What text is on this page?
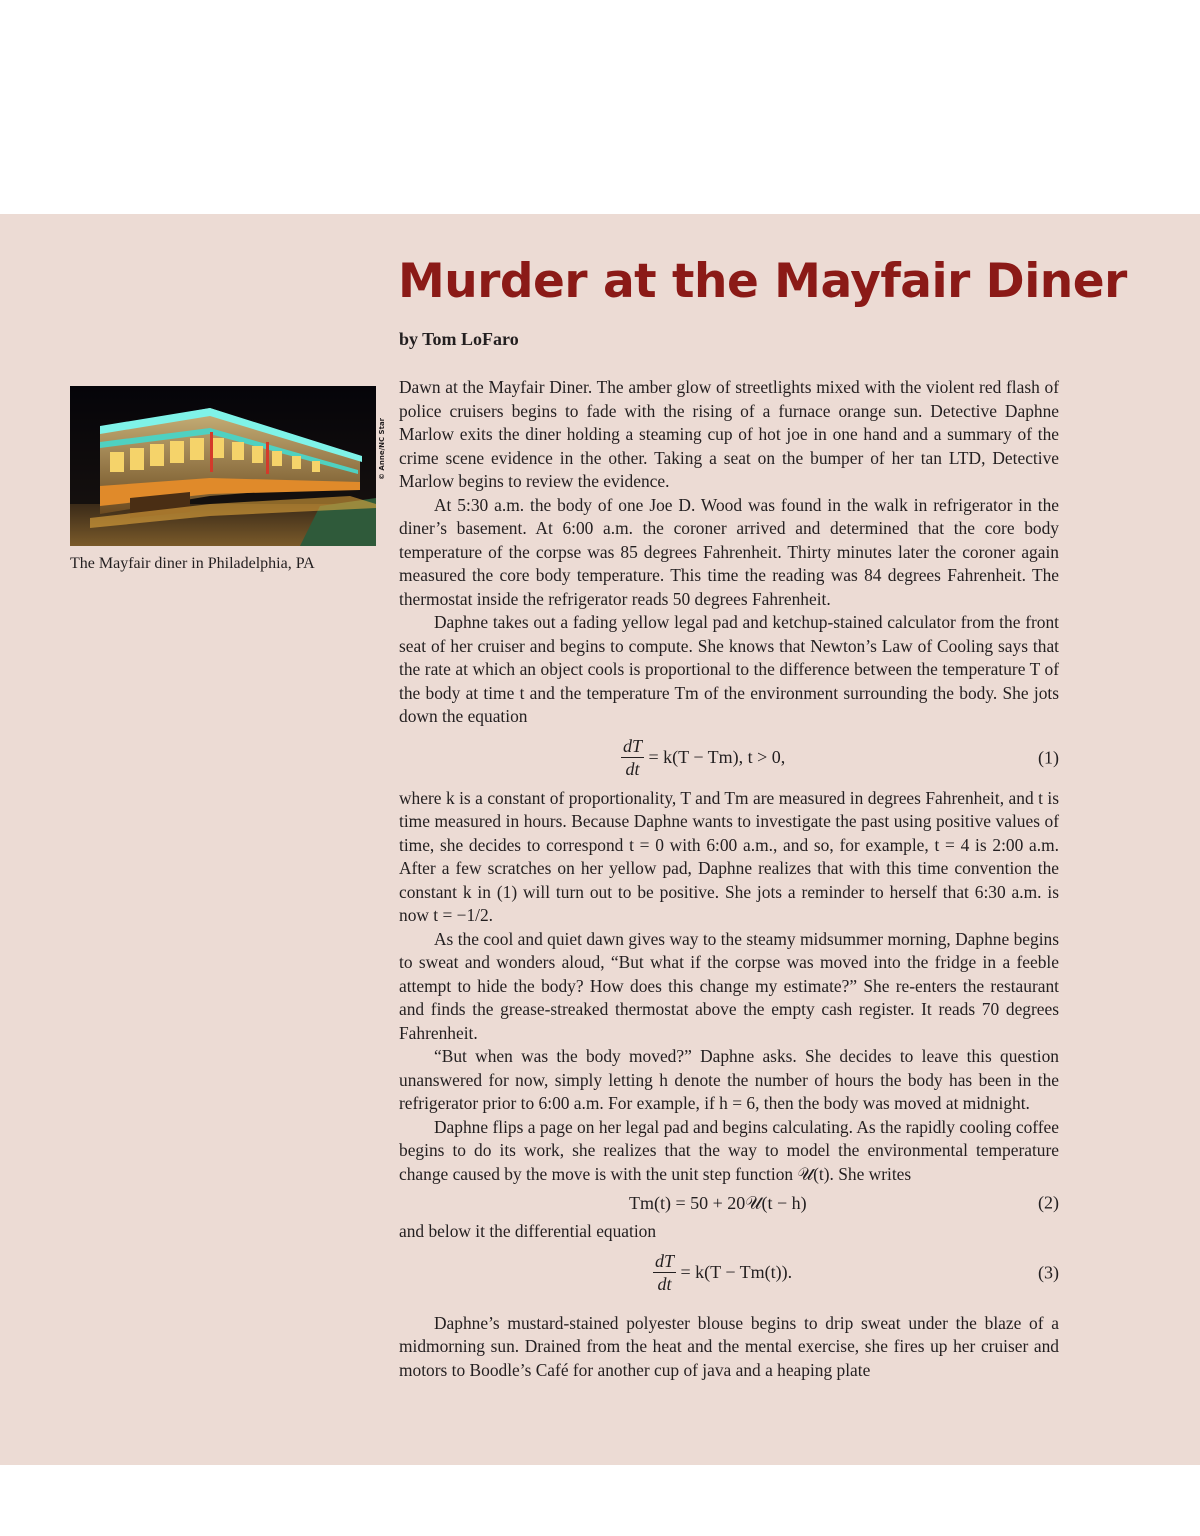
Murder at the Mayfair Diner
by Tom LoFaro
© Anne/NC Star
The Mayfair diner in Philadelphia, PA

Dawn at the Mayfair Diner. The amber glow of streetlights mixed with the violent red flash of police cruisers begins to fade with the rising of a furnace orange sun. Detective Daphne Marlow exits the diner holding a steaming cup of hot joe in one hand and a summary of the crime scene evidence in the other. Taking a seat on the bumper of her tan LTD, Detective Marlow begins to review the evidence.

At 5:30 a.m. the body of one Joe D. Wood was found in the walk in refrigerator in the diner’s basement. At 6:00 a.m. the coroner arrived and determined that the core body temperature of the corpse was 85 degrees Fahrenheit. Thirty minutes later the coroner again measured the core body temperature. This time the reading was 84 degrees Fahrenheit. The thermostat inside the refrigerator reads 50 degrees Fahrenheit.

Daphne takes out a fading yellow legal pad and ketchup-stained calculator from the front seat of her cruiser and begins to compute. She knows that Newton’s Law of Cooling says that the rate at which an object cools is proportional to the difference between the temperature T of the body at time t and the temperature Tm of the environment surrounding the body. She jots down the equation

$\frac{dT}{dt} = k(T - Tm)$, t > 0,	(1)

where k is a constant of proportionality, T and Tm are measured in degrees Fahrenheit, and t is time measured in hours. Because Daphne wants to investigate the past using positive values of time, she decides to correspond t = 0 with 6:00 a.m., and so, for example, t = 4 is 2:00 a.m. After a few scratches on her yellow pad, Daphne realizes that with this time convention the constant k in (1) will turn out to be positive. She jots a reminder to herself that 6:30 a.m. is now t = −1/2.

As the cool and quiet dawn gives way to the steamy midsummer morning, Daphne begins to sweat and wonders aloud, “But what if the corpse was moved into the fridge in a feeble attempt to hide the body? How does this change my estimate?” She re-enters the restaurant and finds the grease-streaked thermostat above the empty cash register. It reads 70 degrees Fahrenheit.

“But when was the body moved?” Daphne asks. She decides to leave this question unanswered for now, simply letting h denote the number of hours the body has been in the refrigerator prior to 6:00 a.m. For example, if h = 6, then the body was moved at midnight.

Daphne flips a page on her legal pad and begins calculating. As the rapidly cooling coffee begins to do its work, she realizes that the way to model the environmental temperature change caused by the move is with the unit step function 𝒰(t). She writes

Tm(t) = 50 + 20𝒰(t − h)	(2)

and below it the differential equation

$\frac{dT}{dt} = k(T - Tm(t))$.	(3)

Daphne’s mustard-stained polyester blouse begins to drip sweat under the blaze of a midmorning sun. Drained from the heat and the mental exercise, she fires up her cruiser and motors to Boodle’s Café for another cup of java and a heaping plate
